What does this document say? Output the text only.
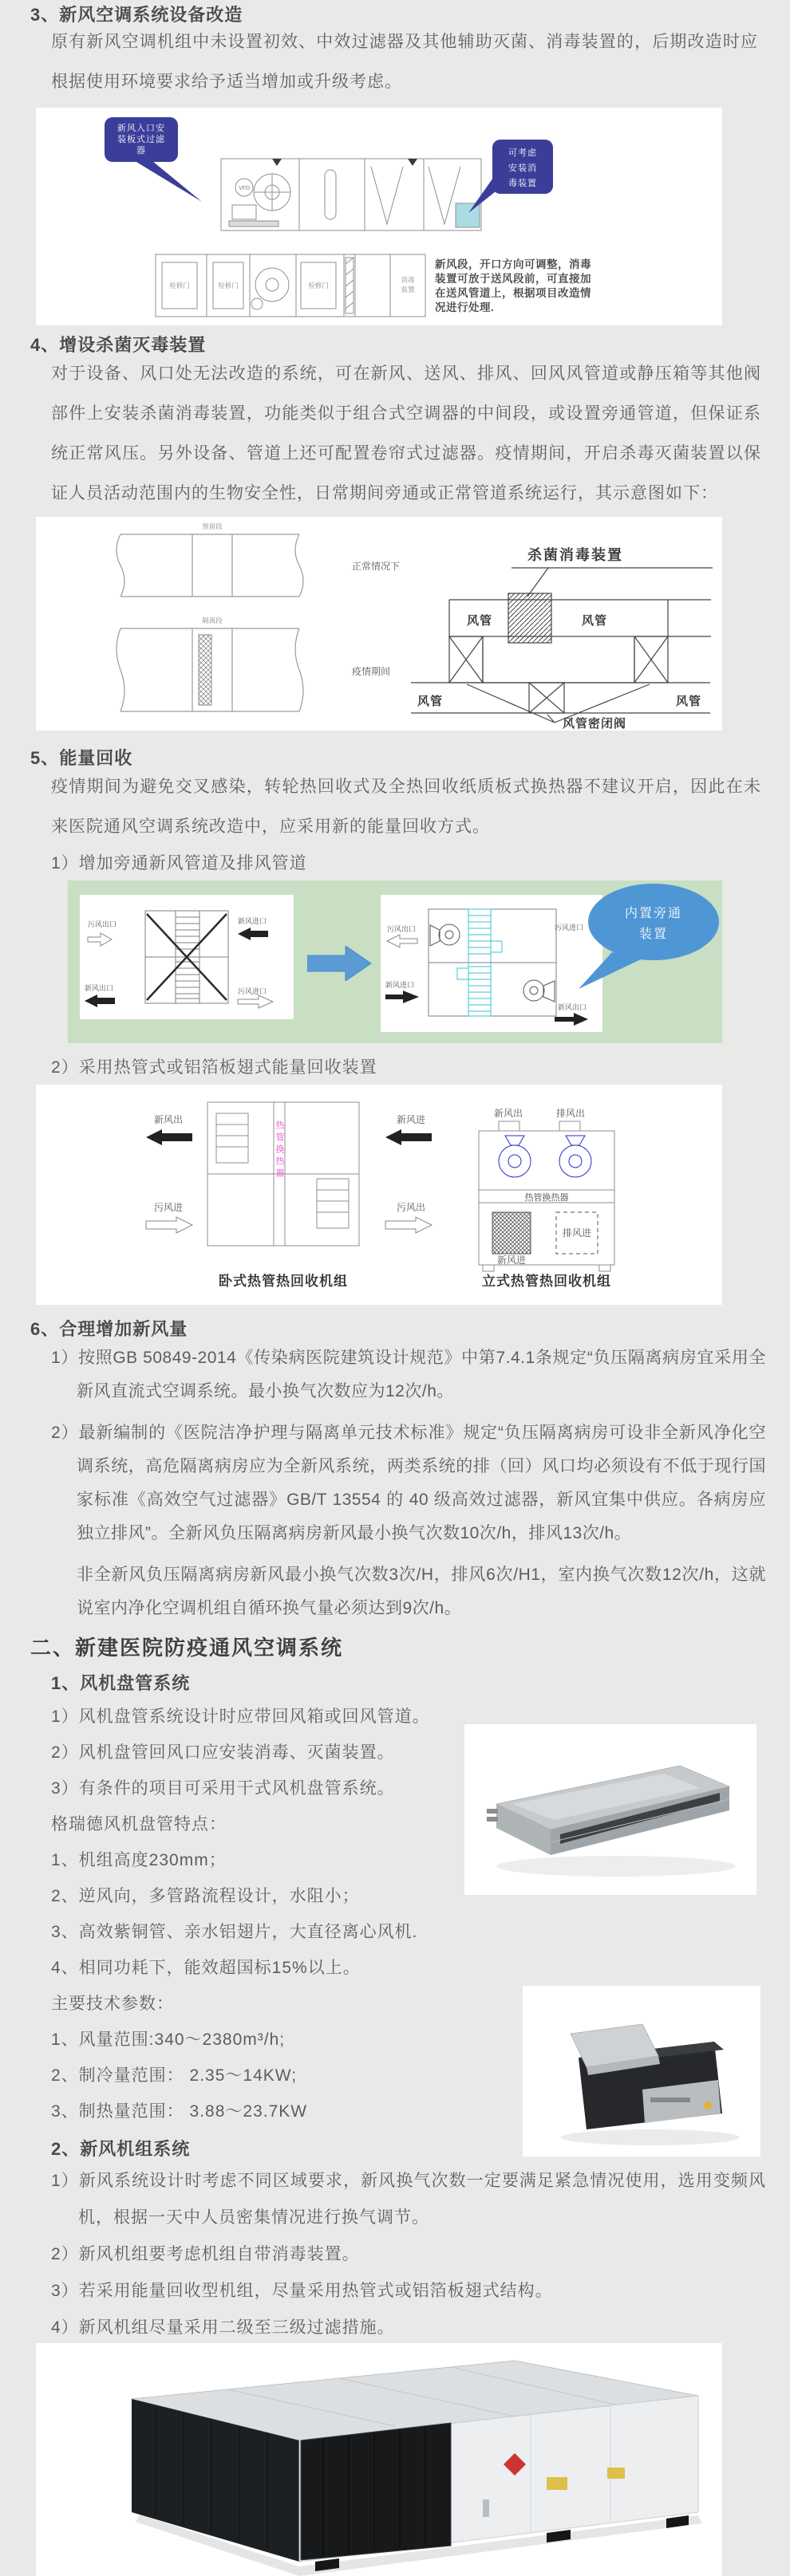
3、新风空调系统设备改造
原有新风空调机组中未设置初效、中效过滤器及其他辅助灭菌、消毒装置的，后期改造时应根据使用环境要求给予适当增加或升级考虑。
VFD
新风入口安
装板式过滤
器	可考虑
安装消
毒装置
检修门	检修门	检修门
消毒
装置
新风段，开口方向可调整，消毒装置可放于送风段前，可直接加在送风管道上，根据项目改造情况进行处理.
4、增设杀菌灭毒装置
对于设备、风口处无法改造的系统，可在新风、送风、排风、回风风管道或静压箱等其他阀部件上安装杀菌消毒装置，功能类似于组合式空调器的中间段，或设置旁通管道，但保证系统正常风压。另外设备、管道上还可配置卷帘式过滤器。疫情期间，开启杀毒灭菌装置以保证人员活动范围内的生物安全性，日常期间旁通或正常管道系统运行，其示意图如下：
预留段
正常情况下
隔离段
疫情期间
杀菌消毒装置
风管	风管
风管	风管
风管密闭阀
5、能量回收
疫情期间为避免交叉感染，转轮热回收式及全热回收纸质板式换热器不建议开启，因此在未来医院通风空调系统改造中，应采用新的能量回收方式。
1）增加旁通新风管道及排风管道
污风出口	新风进口
新风出口	污风进口
污风出口	污风进口
新风进口
新风出口
内置旁通
装置
2）采用热管式或铝箔板翅式能量回收装置
热管换热器
新风出
污风进
新风进
污风出
卧式热管热回收机组
新风出	排风出
热管换热器
新风进
排风进
立式热管热回收机组
6、合理增加新风量

1）按照GB 50849-2014《传染病医院建筑设计规范》中第7.4.1条规定“负压隔离病房宜采用全新风直流式空调系统。最小换气次数应为12次/h。

2）最新编制的《医院洁净护理与隔离单元技术标准》规定“负压隔离病房可设非全新风净化空调系统，高危隔离病房应为全新风系统，两类系统的排（回）风口均必须设有不低于现行国家标准《高效空气过滤器》GB/T 13554 的 40 级高效过滤器，新风宜集中供应。各病房应独立排风”。全新风负压隔离病房新风最小换气次数10次/h，排风13次/h。

非全新风负压隔离病房新风最小换气次数3次/H，排风6次/H1，室内换气次数12次/h，这就说室内净化空调机组自循环换气量必须达到9次/h。

二、新建医院防疫通风空调系统
1、风机盘管系统
1）风机盘管系统设计时应带回风箱或回风管道。
2）风机盘管回风口应安装消毒、灭菌装置。
3）有条件的项目可采用干式风机盘管系统。
格瑞德风机盘管特点：
1、机组高度230mm；
2、逆风向，多管路流程设计，水阻小；
3、高效紫铜管、亲水铝翅片，大直径离心风机.
4、相同功耗下，能效超国标15%以上。
主要技术参数：
1、风量范围:340～2380m³/h;
2、制冷量范围： 2.35～14KW;
3、制热量范围： 3.88～23.7KW
2、新风机组系统

1）新风系统设计时考虑不同区域要求，新风换气次数一定要满足紧急情况使用，选用变频风机，根据一天中人员密集情况进行换气调节。

2）新风机组要考虑机组自带消毒装置。

3）若采用能量回收型机组，尽量采用热管式或铝箔板翅式结构。

4）新风机组尽量采用二级至三级过滤措施。
